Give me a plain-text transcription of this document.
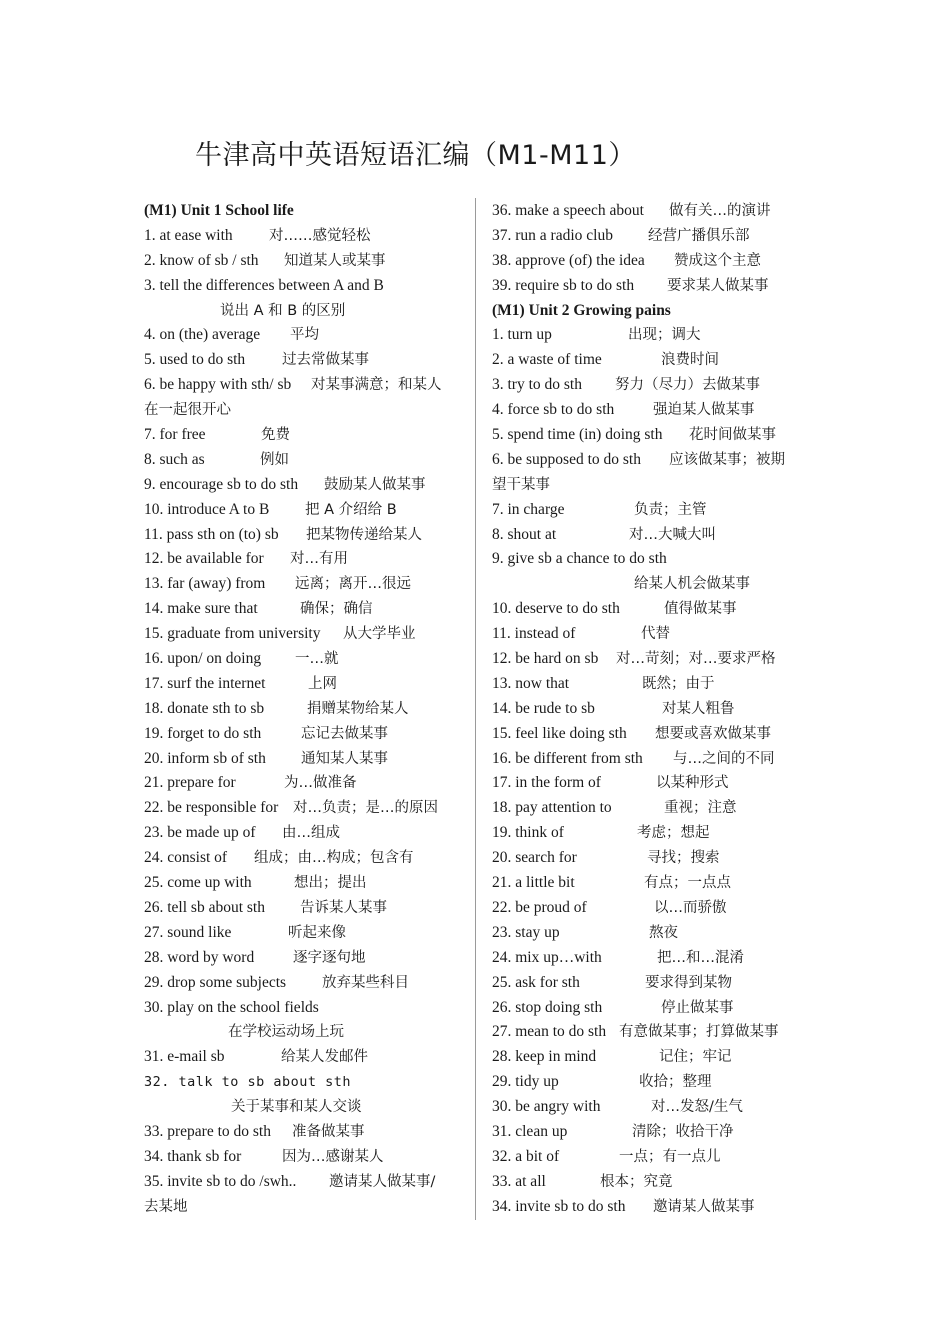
牛津高中英语短语汇编（M1-M11）
(M1) Unit 1 School life
1. at ease with	对……感觉轻松
2. know of sb / sth 知道某人或某事
3. tell the differences between A and B
说出 A 和 B 的区别
4. on (the) average 平均
5. used to do sth	过去常做某事
6. be happy with sth/ sb 对某事满意；和某人
在一起很开心
7. for free	免费
8. such as	例如
9. encourage sb to do sth 鼓励某人做某事
10. introduce A to B 把 A 介绍给 B
11. pass sth on (to) sb 把某物传递给某人
12. be available for 对…有用
13. far (away) from 远离；离开…很远
14. make sure that	确保；确信
15. graduate from university 从大学毕业
16. upon/ on doing 一…就
17. surf the internet	上网
18. donate sth to sb	捐赠某物给某人
19. forget to do sth	忘记去做某事
20. inform sb of sth 通知某人某事
21. prepare for	为…做准备
22. be responsible for 对…负责；是…的原因
23. be made up of 由…组成
24. consist of 组成；由…构成；包含有
25. come up with	想出；提出
26. tell sb about sth 告诉某人某事
27. sound like	听起来像
28. word by word	逐字逐句地
29. drop some subjects 放弃某些科目
30. play on the school fields
在学校运动场上玩
31. e-mail sb	给某人发邮件
32. talk to sb about sth
关于某事和某人交谈
33. prepare to do sth 准备做某事
34. thank sb for	因为…感谢某人
35. invite sb to do /swh.. 邀请某人做某事/
去某地
36. make a speech about 做有关…的演讲
37. run a radio club 经营广播俱乐部
38. approve (of) the idea 赞成这个主意
39. require sb to do sth 要求某人做某事
(M1) Unit 2 Growing pains
1. turn up	出现；调大
2. a waste of time	浪费时间
3. try to do sth 努力（尽力）去做某事
4. force sb to do sth	强迫某人做某事
5. spend time (in) doing sth 花时间做某事
6. be supposed to do sth 应该做某事；被期
望干某事
7. in charge	负责；主管
8. shout at	对…大喊大叫
9. give sb a chance to do sth
给某人机会做某事
10. deserve to do sth	值得做某事
11. instead of	代替
12. be hard on sb 对…苛刻；对…要求严格
13. now that	既然；由于
14. be rude to sb	对某人粗鲁
15. feel like doing sth 想要或喜欢做某事
16. be different from sth 与…之间的不同
17. in the form of	以某种形式
18. pay attention to	重视；注意
19. think of	考虑；想起
20. search for	寻找；搜索
21. a little bit	有点；一点点
22. be proud of	以…而骄傲
23. stay up	熬夜
24. mix up…with	把…和…混淆
25. ask for sth	要求得到某物
26. stop doing sth	停止做某事
27. mean to do sth 有意做某事；打算做某事
28. keep in mind	记住；牢记
29. tidy up	收拾；整理
30. be angry with	对…发怒/生气
31. clean up	清除；收拾干净
32. a bit of	一点；有一点儿
33. at all	根本；究竟
34. invite sb to do sth 邀请某人做某事
